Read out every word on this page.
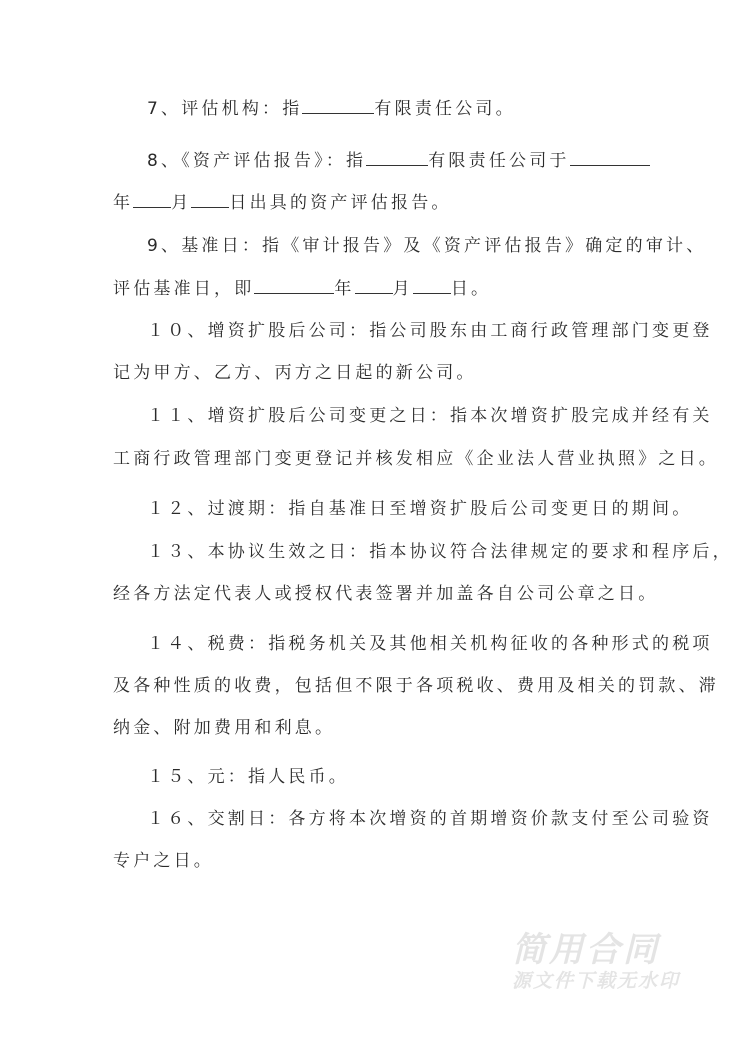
7、评估机构：指	有限责任公司。
8、《资产评估报告》：指	有限责任公司于
年 月 日出具的资产评估报告。
9、基准日：指《审计报告》及《资产评估报告》确定的审计、
评估基准日，即	年 月 日。
１０、增资扩股后公司：指公司股东由工商行政管理部门变更登
记为甲方、乙方、丙方之日起的新公司。
１１、增资扩股后公司变更之日：指本次增资扩股完成并经有关
工商行政管理部门变更登记并核发相应《企业法人营业执照》之日。
１２、过渡期：指自基准日至增资扩股后公司变更日的期间。
１３、本协议生效之日：指本协议符合法律规定的要求和程序后，
经各方法定代表人或授权代表签署并加盖各自公司公章之日。
１４、税费：指税务机关及其他相关机构征收的各种形式的税项
及各种性质的收费，包括但不限于各项税收、费用及相关的罚款、滞
纳金、附加费用和利息。
１５、元：指人民币。
１６、交割日：各方将本次增资的首期增资价款支付至公司验资
专户之日。
简用合同
源文件下载无水印
